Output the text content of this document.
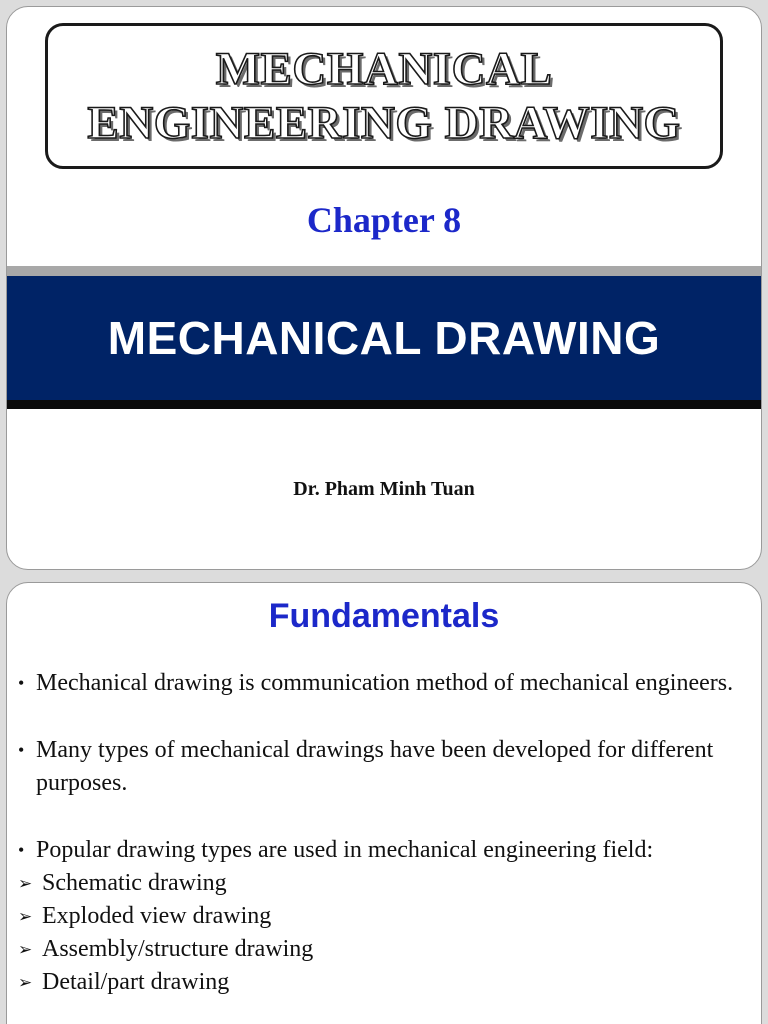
MECHANICAL
ENGINEERING DRAWING
Chapter 8
MECHANICAL DRAWING
Dr. Pham Minh Tuan
Fundamentals
• Mechanical drawing is communication method of mechanical engineers.
• Many types of mechanical drawings have been developed for different purposes.
• Popular drawing types are used in mechanical engineering field:
➢ Schematic drawing
➢ Exploded view drawing
➢ Assembly/structure drawing
➢ Detail/part drawing
